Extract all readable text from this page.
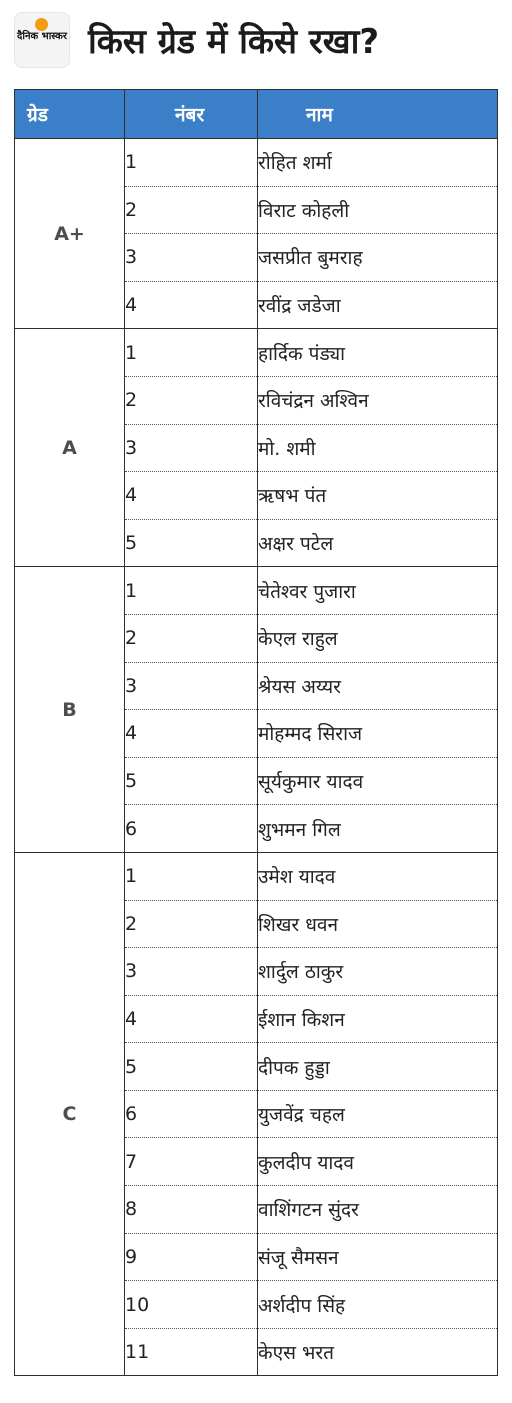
दैनिक भास्कर किस ग्रेड में किसे रखा?
ग्रेड	नंबर	नाम
A+	1	रोहित शर्मा
	2	विराट कोहली
	3	जसप्रीत बुमराह
	4	रवींद्र जडेजा
A	1	हार्दिक पंड्या
	2	रविचंद्रन अश्विन
	3	मो. शमी
	4	ऋषभ पंत
	5	अक्षर पटेल
B	1	चेतेश्वर पुजारा
	2	केएल राहुल
	3	श्रेयस अय्यर
	4	मोहम्मद सिराज
	5	सूर्यकुमार यादव
	6	शुभमन गिल
C	1	उमेश यादव
	2	शिखर धवन
	3	शार्दुल ठाकुर
	4	ईशान किशन
	5	दीपक हुड्डा
	6	युजवेंद्र चहल
	7	कुलदीप यादव
	8	वाशिंगटन सुंदर
	9	संजू सैमसन
	10	अर्शदीप सिंह
	11	केएस भरत
